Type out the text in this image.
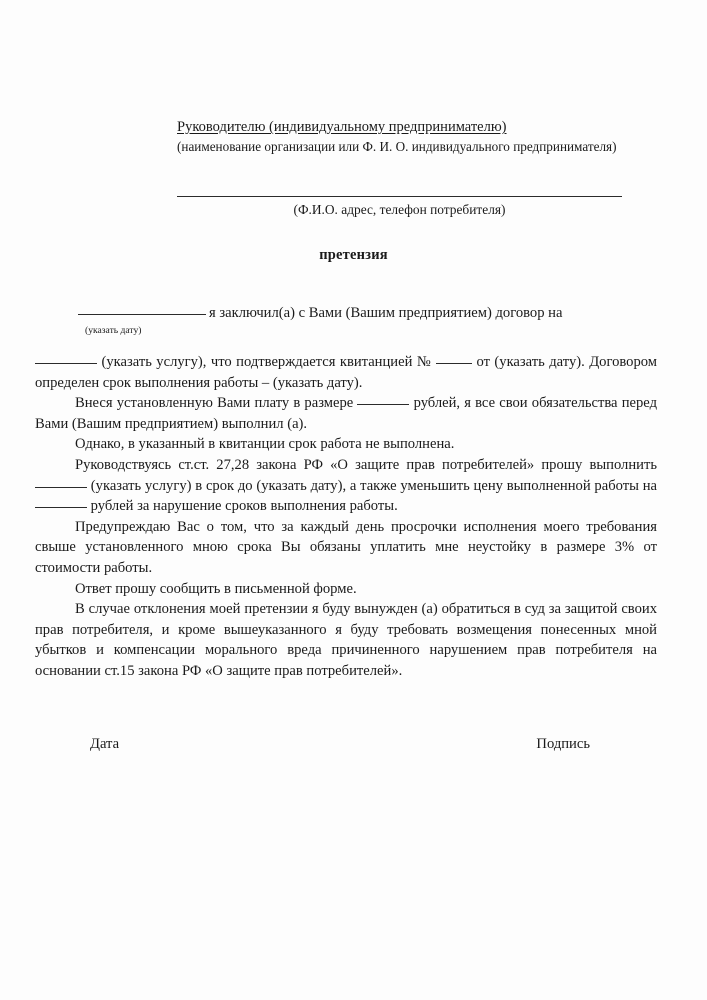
Руководителю (индивидуальному предпринимателю)
(наименование организации или Ф. И. О. индивидуального предпринимателя)
(Ф.И.О. адрес, телефон потребителя)
претензия
я заключил(а) с Вами (Вашим предприятием) договор на
(указать дату)

(указать услугу), что подтверждается квитанцией №	от (указать дату). Договором определен срок выполнения работы – (указать дату).

Внеся установленную Вами плату в размере	рублей, я все свои обязательства перед Вами (Вашим предприятием) выполнил (а).

Однако, в указанный в квитанции срок работа не выполнена.

Руководствуясь ст.ст. 27,28 закона РФ «О защите прав потребителей» прошу выполнить  (указать услугу) в срок до (указать дату), а также уменьшить цену выполненной работы на  рублей за нарушение сроков выполнения работы.

Предупреждаю Вас о том, что за каждый день просрочки исполнения моего требования свыше установленного мною срока Вы обязаны уплатить мне неустойку в размере 3% от стоимости работы.

Ответ прошу сообщить в письменной форме.

В случае отклонения моей претензии я буду вынужден (а) обратиться в суд за защитой своих прав потребителя, и кроме вышеуказанного я буду требовать возмещения понесенных мной убытков и компенсации морального вреда причиненного нарушением прав потребителя на основании ст.15 закона РФ «О защите прав потребителей».

Дата	Подпись
